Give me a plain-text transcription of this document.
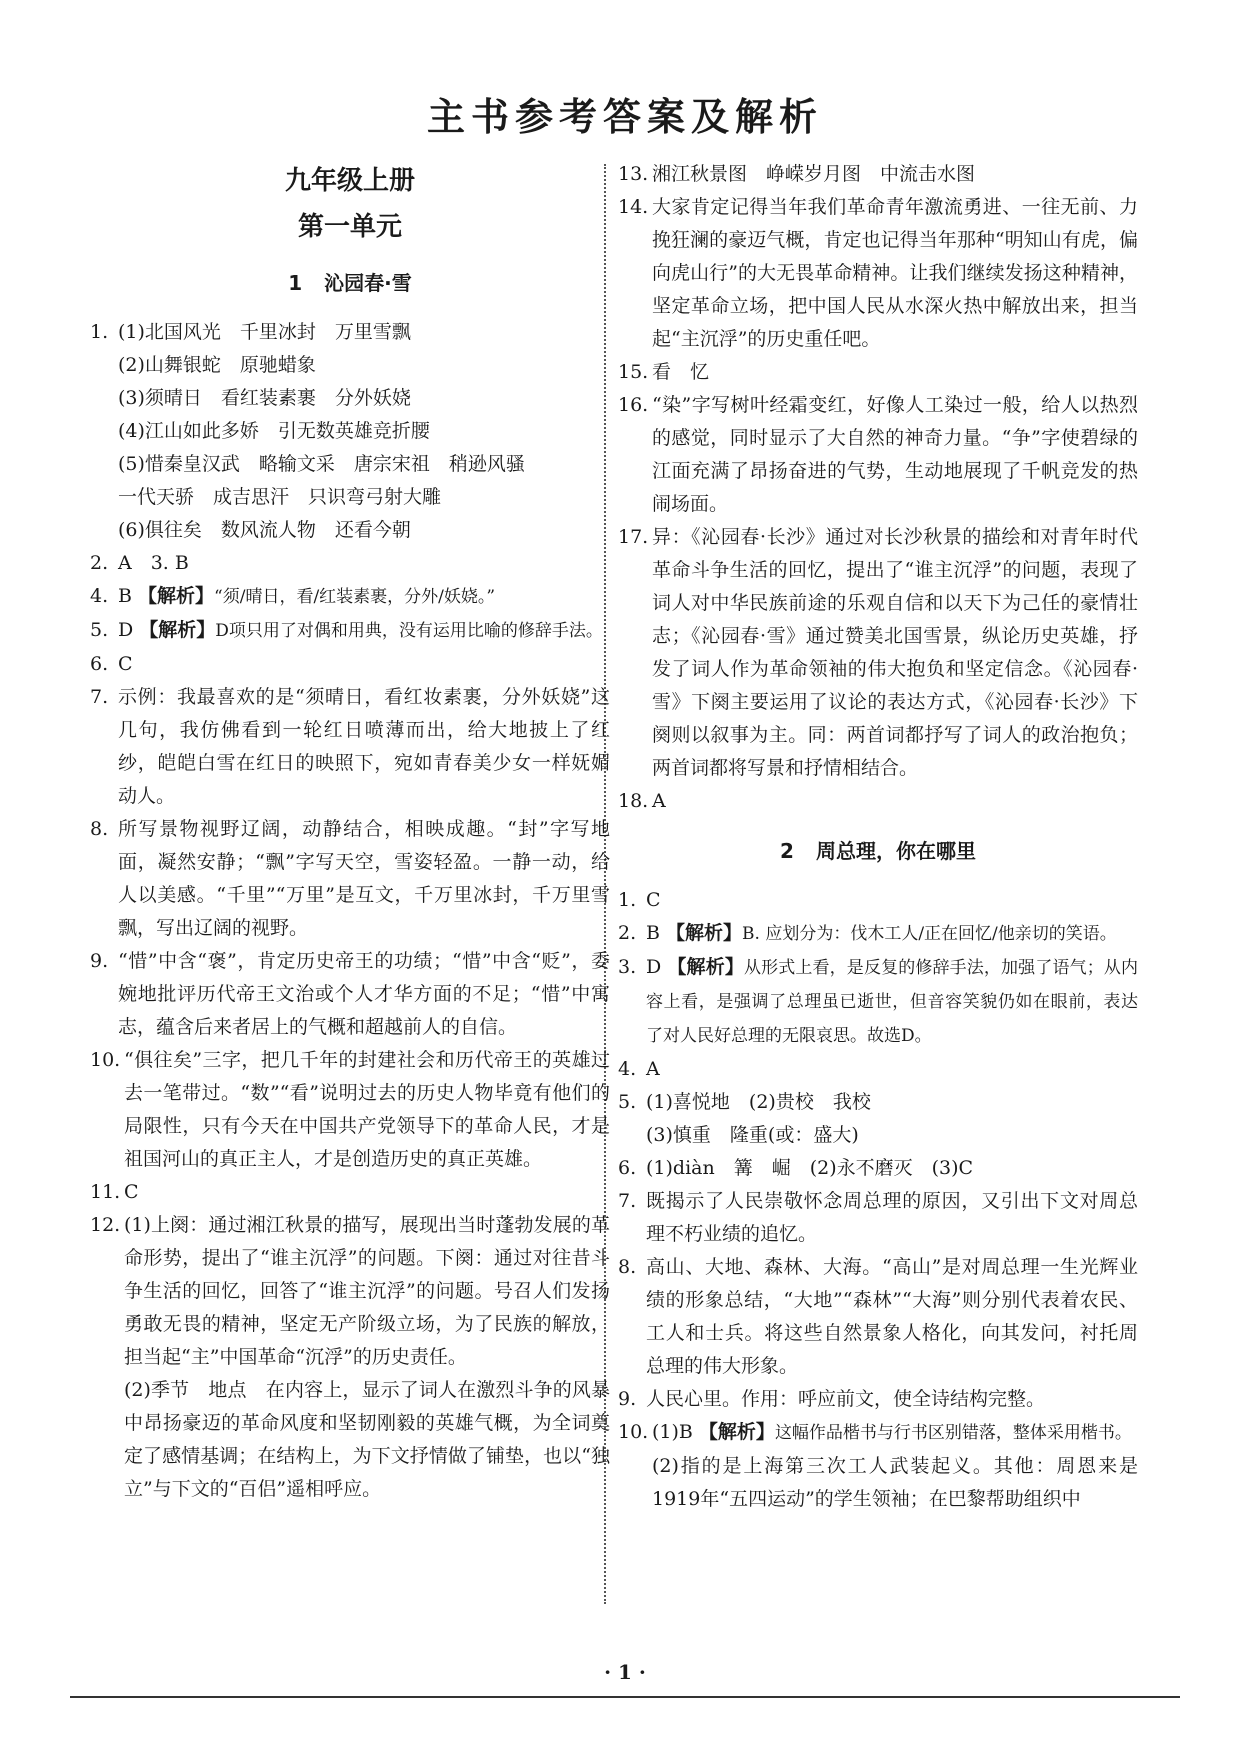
主书参考答案及解析
九年级上册
第一单元
1 沁园春·雪
1. (1)北国风光　千里冰封　万里雪飘
(2)山舞银蛇　原驰蜡象
(3)须晴日　看红装素裹　分外妖娆
(4)江山如此多娇　引无数英雄竞折腰
(5)惜秦皇汉武　略输文采　唐宗宋祖　稍逊风骚
一代天骄　成吉思汗　只识弯弓射大雕
(6)俱往矣　数风流人物　还看今朝
2. A　3. B
4. B 【解析】“须/晴日，看/红装素裹，分外/妖娆。”
5. D 【解析】D项只用了对偶和用典，没有运用比喻的修辞手法。
6. C
7. 示例：我最喜欢的是“须晴日，看红妆素裹，分外妖娆”这几句，我仿佛看到一轮红日喷薄而出，给大地披上了红纱，皑皑白雪在红日的映照下，宛如青春美少女一样妩媚动人。
8. 所写景物视野辽阔，动静结合，相映成趣。“封”字写地面，凝然安静；“飘”字写天空，雪姿轻盈。一静一动，给人以美感。“千里”“万里”是互文，千万里冰封，千万里雪飘，写出辽阔的视野。
9. “惜”中含“褒”，肯定历史帝王的功绩；“惜”中含“贬”，委婉地批评历代帝王文治或个人才华方面的不足；“惜”中寓志，蕴含后来者居上的气概和超越前人的自信。
10. “俱往矣”三字，把几千年的封建社会和历代帝王的英雄过去一笔带过。“数”“看”说明过去的历史人物毕竟有他们的局限性，只有今天在中国共产党领导下的革命人民，才是祖国河山的真正主人，才是创造历史的真正英雄。
11. C
12. (1)上阕：通过湘江秋景的描写，展现出当时蓬勃发展的革命形势，提出了“谁主沉浮”的问题。下阕：通过对往昔斗争生活的回忆，回答了“谁主沉浮”的问题。号召人们发扬勇敢无畏的精神，坚定无产阶级立场，为了民族的解放，担当起“主”中国革命“沉浮”的历史责任。
(2)季节　地点　在内容上，显示了词人在激烈斗争的风暴中昂扬豪迈的革命风度和坚韧刚毅的英雄气概，为全词奠定了感情基调；在结构上，为下文抒情做了铺垫，也以“独立”与下文的“百侣”遥相呼应。
13. 湘江秋景图　峥嵘岁月图　中流击水图
14. 大家肯定记得当年我们革命青年激流勇进、一往无前、力挽狂澜的豪迈气概，肯定也记得当年那种“明知山有虎，偏向虎山行”的大无畏革命精神。让我们继续发扬这种精神，坚定革命立场，把中国人民从水深火热中解放出来，担当起“主沉浮”的历史重任吧。
15. 看　忆
16. “染”字写树叶经霜变红，好像人工染过一般，给人以热烈的感觉，同时显示了大自然的神奇力量。“争”字使碧绿的江面充满了昂扬奋进的气势，生动地展现了千帆竞发的热闹场面。
17. 异：《沁园春·长沙》通过对长沙秋景的描绘和对青年时代革命斗争生活的回忆，提出了“谁主沉浮”的问题，表现了词人对中华民族前途的乐观自信和以天下为己任的豪情壮志；《沁园春·雪》通过赞美北国雪景，纵论历史英雄，抒发了词人作为革命领袖的伟大抱负和坚定信念。《沁园春·雪》下阕主要运用了议论的表达方式，《沁园春·长沙》下阕则以叙事为主。同：两首词都抒写了词人的政治抱负；两首词都将写景和抒情相结合。
18. A
2 周总理，你在哪里
1. C
2. B 【解析】B. 应划分为：伐木工人/正在回忆/他亲切的笑语。
3. D 【解析】从形式上看，是反复的修辞手法，加强了语气；从内容上看，是强调了总理虽已逝世，但音容笑貌仍如在眼前，表达了对人民好总理的无限哀思。故选D。
4. A
5. (1)喜悦地　(2)贵校　我校
(3)慎重　隆重(或：盛大)
6. (1)diàn　篝　崛　(2)永不磨灭　(3)C
7. 既揭示了人民崇敬怀念周总理的原因，又引出下文对周总理不朽业绩的追忆。
8. 高山、大地、森林、大海。“高山”是对周总理一生光辉业绩的形象总结，“大地”“森林”“大海”则分别代表着农民、工人和士兵。将这些自然景象人格化，向其发问，衬托周总理的伟大形象。
9. 人民心里。作用：呼应前文，使全诗结构完整。
10. (1)B 【解析】这幅作品楷书与行书区别错落，整体采用楷书。
(2)指的是上海第三次工人武装起义。其他：周恩来是1919年“五四运动”的学生领袖；在巴黎帮助组织中
· 1 ·
